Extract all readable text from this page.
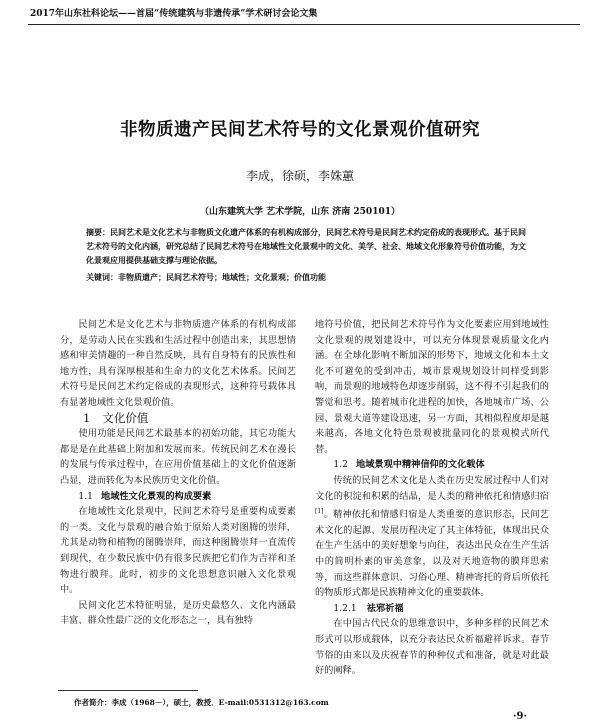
2017年山东社科论坛——首届“传统建筑与非遗传承”学术研讨会论文集
非物质遗产民间艺术符号的文化景观价值研究
李成，徐硕，李姝蕙
（山东建筑大学 艺术学院，山东 济南 250101）
摘要：民间艺术是文化艺术与非物质文化遗产体系的有机构成部分，民间艺术符号是民间艺术约定俗成的表现形式。基于民间艺术符号的文化内涵，研究总结了民间艺术符号在地域性文化景观中的文化、美学、社会、地域文化形象符号价值功能，为文化景观应用提供基础支撑与理论依据。
关键词：非物质遗产；民间艺术符号；地域性；文化景观；价值功能

民间艺术是文化艺术与非物质遗产体系的有机构成部分，是劳动人民在实践和生活过程中创造出来，其思想情感和审美情趣的一种自然反映，具有自身特有的民族性和地方性，具有深厚根基和生命力的文化艺术体系。民间艺术符号是民间艺术约定俗成的表现形式，这种符号载体具有显著地域性文化景观价值。

1 文化价值

使用功能是民间艺术最基本的初始功能，其它功能大都是是在此基础上附加和发展而来。传统民间艺术在漫长的发展与传承过程中，在应用价值基础上的文化价值逐渐凸显，进而转化为本民族历史文化价值。

1.1 地域性文化景观的构成要素

在地域性文化景观中，民间艺术符号是重要构成要素的一类。文化与景观的融合始于原始人类对图腾的崇拜，尤其是动物和植物的图腾崇拜，而这种图腾崇拜一直流传到现代，在少数民族中仍有很多民族把它们作为吉祥和圣物进行膜拜。此时，初步的文化思想意识融入文化景观中。

民间文化艺术特征明显，是历史最悠久、文化内涵最丰富、群众性最广泛的文化形态之一，具有独特

地符号价值，把民间艺术符号作为文化要素应用到地域性文化景观的规划建设中，可以充分体现景观质量文化内涵。在全球化影响不断加深的形势下，地域文化和本土文化不可避免的受到冲击，城市景观规划设计同样受到影响，而景观的地域特色却逐步削弱，这不得不引起我们的警觉和思考。随着城市化进程的加快，各地城市广场、公园、景观大道等建设迅速，另一方面，其相似程度却是越来越高，各地文化特色景观被批量同化的景观模式所代替。

1.2 地域景观中精神信仰的文化载体

传统的民间艺术文化是人类在历史发展过程中人们对文化的积淀和积累的结晶，是人类的精神依托和情感归宿[1]。精神依托和情感归宿是人类重要的意识形态，民间艺术文化的起源、发展历程决定了其主体特征，体现出民众在生产生活中的美好想象与向往，表达出民众在生产生活中的简明朴素的审美意象，以及对天地造物的膜拜思索等，而这些群体意识、习俗心理、精神寄托的背后所依托的物质形式都是民族精神文化的重要载体。

1.2.1 祛邪祈福

在中国古代民众的思维意识中，多种多样的民间艺术形式可以形成载体，以充分表达民众祈福避祥诉求。春节节俗的由来以及庆祝春节的种种仪式和准备，就是对此最好的阐释。

作者简介：李成（1968－），硕士，教授．E-mail:0531312@163.com
·9·
